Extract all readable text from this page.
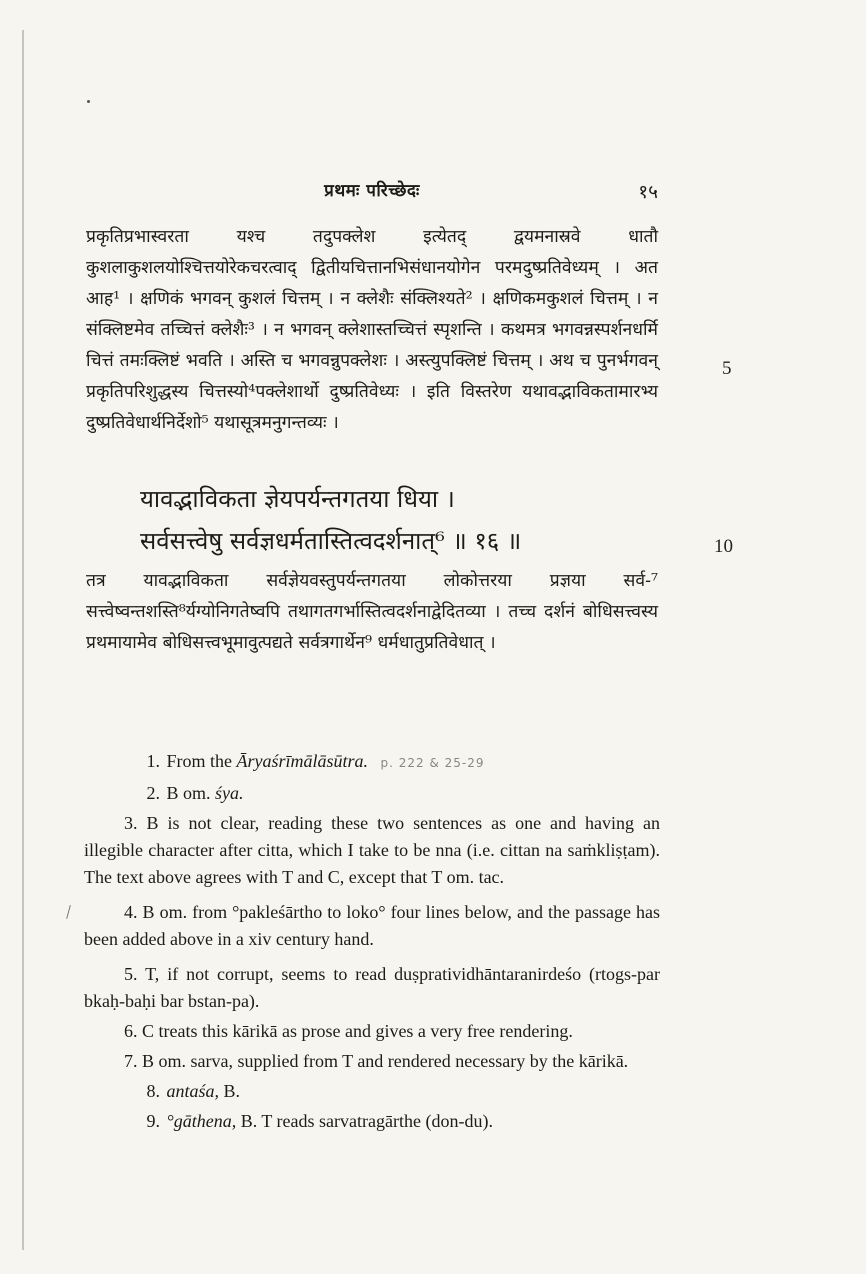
प्रथमः परिच्छेदः	१५

प्रकृतिप्रभास्वरता यश्च तदुपक्लेश इत्येतद् द्वयमनास्रवे धातौ कुशलाकुशलयोश्चित्तयोरेकचरत्वाद् द्वितीयचित्तानभिसंधानयोगेन परमदुष्प्रतिवेध्यम् । अत आह¹ । क्षणिकं भगवन् कुशलं चित्तम् । न क्लेशैः संक्लिश्यते² । क्षणिकमकुशलं चित्तम् । न संक्लिष्टमेव तच्चित्तं क्लेशैः³ । न भगवन् क्लेशास्तच्चित्तं स्पृशन्ति । कथमत्र भगवन्नस्पर्शनधर्मि चित्तं तमःक्लिष्टं भवति । अस्ति च भगवन्नुपक्लेशः । अस्त्युपक्लिष्टं चित्तम् । अथ च पुनर्भगवन् प्रकृतिपरिशुद्धस्य चित्तस्यो⁴पक्लेशार्थो दुष्प्रतिवेध्यः । इति विस्तरेण यथावद्भाविकतामारभ्य दुष्प्रतिवेधार्थनिर्देशो⁵ यथासूत्रमनुगन्तव्यः ।

5
यावद्भाविकता ज्ञेयपर्यन्तगतया धिया ।
सर्वसत्त्वेषु सर्वज्ञधर्मतास्तित्वदर्शनात्⁶ ॥ १६ ॥	10

तत्र यावद्भाविकता सर्वज्ञेयवस्तुपर्यन्तगतया लोकोत्तरया प्रज्ञया सर्व-⁷ सत्त्वेष्वन्तशस्ति⁸र्यग्योनिगतेष्वपि तथागतगर्भास्तित्वदर्शनाद्वेदितव्या । तच्च दर्शनं बोधिसत्त्वस्य प्रथमायामेव बोधिसत्त्वभूमावुत्पद्यते सर्वत्रगार्थेन⁹ धर्मधातुप्रतिवेधात् ।

1. From the Āryaśrīmālāsūtra. p. 222 & 25-29
2. B om. śya.
3. B is not clear, reading these two sentences as one and having an illegible character after citta, which I take to be nna (i.e. cittan na saṁkliṣṭam). The text above agrees with T and C, except that T om. tac.
4. B om. from °pakleśārtho to loko° four lines below, and the passage has been added above in a xiv century hand.
5. T, if not corrupt, seems to read duṣpratividhāntaranirdeśo (rtogs-par bkaḥ-baḥi bar bstan-pa).
6. C treats this kārikā as prose and gives a very free rendering.
7. B om. sarva, supplied from T and rendered necessary by the kārikā.
8. antaśa, B.
9. °gāthena, B. T reads sarvatragārthe (don-du).
